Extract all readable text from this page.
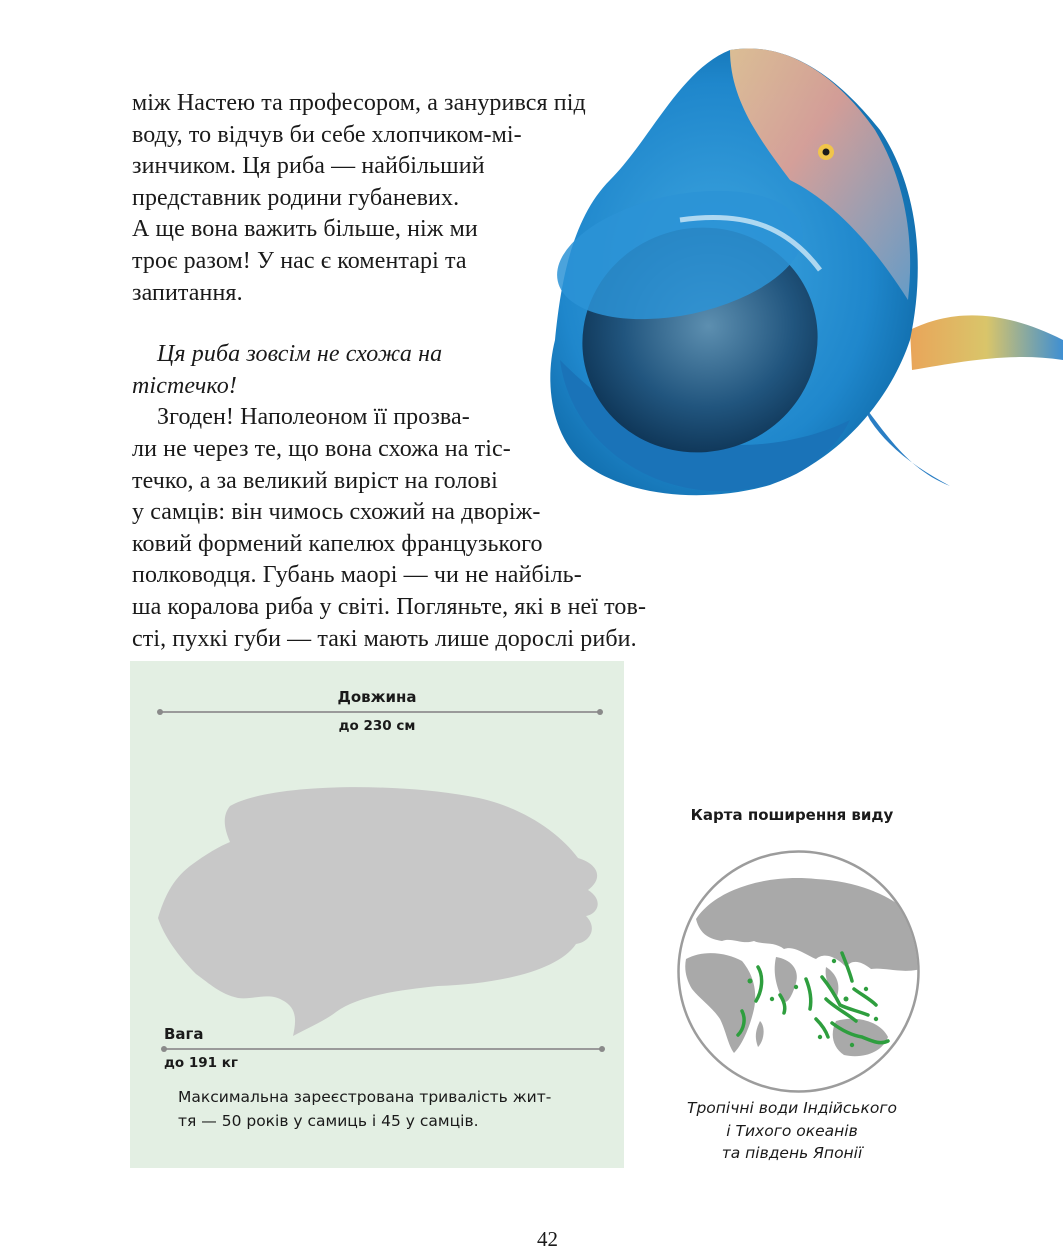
між Настею та професором, а занурився під
воду, то відчув би себе хлопчиком-мі-
зинчиком. Ця риба — найбільший
представник родини губаневих.
А ще вона важить більше, ніж ми
троє разом! У нас є коментарі та
запитання.
Ця риба зовсім не схожа на
тістечко!
Згоден! Наполеоном її прозва-
ли не через те, що вона схожа на тіс-
течко, а за великий виріст на голові
у самців: він чимось схожий на дворіж-
ковий формений капелюх французького
полководця. Губань маорі — чи не найбіль-
ша коралова риба у світі. Погляньте, які в неї тов-
сті, пухкі губи — такі мають лише дорослі риби.
Довжина
до 230 см
Вага
до 191 кг
Максимальна зареєстрована тривалість жит-
тя — 50 років у самиць і 45 у самців.
Карта поширення виду
Тропічні води Індійського
і Тихого океанів
та південь Японії
42
